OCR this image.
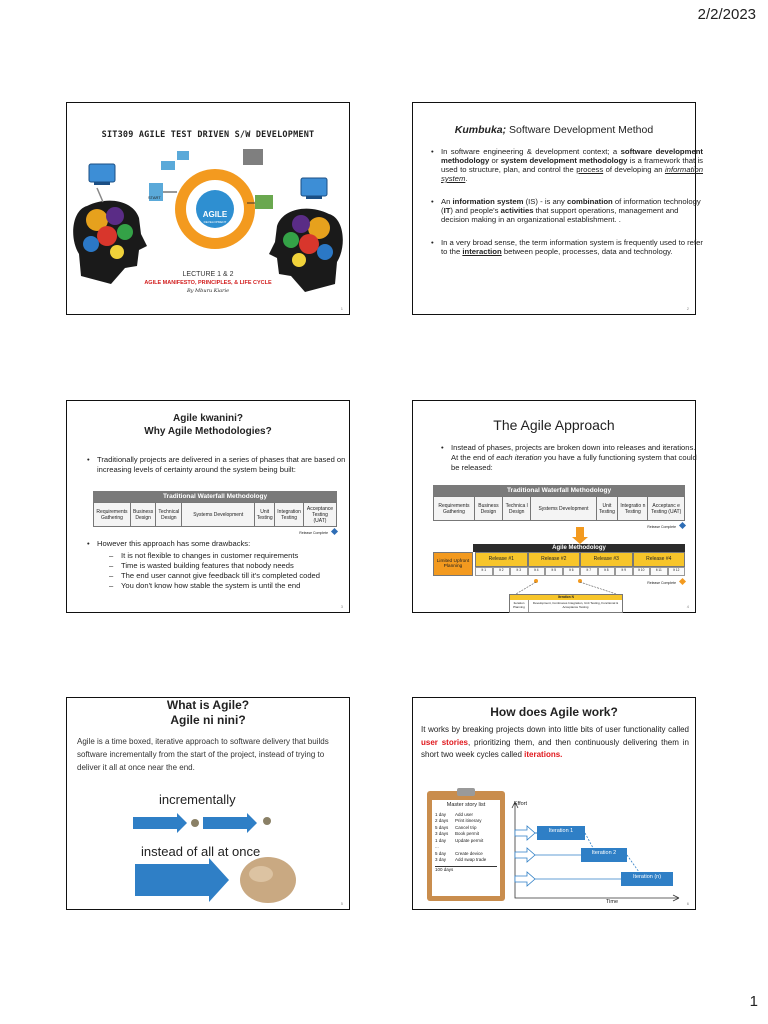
2/2/2023
SIT309 AGILE TEST DRIVEN S/W DEVELOPMENT
START
AGILE
DEVELOPMENT
LECTURE 1 & 2
AGILE MANIFESTO, PRINCIPLES, & LIFE CYCLE
By Mburu Kiarie
1
Kumbuka; Software Development Method
• In software engineering & development context; a software development methodology or system development methodology is a framework that is used to structure, plan, and control the process of developing an information system.
• An information system (IS) - is any combination of information technology (IT) and people's activities that support operations, management and decision making in an organizational establishment. .
• In a very broad sense, the term information system is frequently used to refer to the interaction between people, processes, data and technology.
2
Agile kwanini?
Why Agile Methodologies?
• Traditionally projects are delivered in a series of phases that are based on increasing levels of certainty around the system being built:
Traditional Waterfall Methodology
Requirements Gathering	Business Design	Technical Design	Systems Development	Unit Testing	Integration Testing	Acceptance Testing (UAT)
Release Complete
• However this approach has some drawbacks:
– It is not flexible to changes in customer requirements
– Time is wasted building features that nobody needs
– The end user cannot give feedback till it's completed coded
– You don't know how stable the system is until the end
3
The Agile Approach
• Instead of phases, projects are broken down into releases and iterations. At the end of each iteration you have a fully functioning system that could be released:
Traditional Waterfall Methodology
Requirements Gathering	Business Design	Technica l Design	Systems Development	Unit Testing	Integratio n Testing	Acceptanc e Testing (UAT)
Release Complete
Agile Methodology
Limited Upfront Planning
Release #1	Release #2	Release #3	Release #4
It 1	It 2	It 3	It 4	It 5	It 6	It 7	It 8	It 9	It 10	It 11	It 12
Release Complete
Iteration N
Iteration Planning
Development, Continuous Integration, Unit Testing, Functional & Acceptance Testing	4
What is Agile?
Agile ni nini?
Agile is a time boxed, iterative approach to software delivery that builds software incrementally from the start of the project, instead of trying to deliver it all at once near the end.
incrementally
instead of all at once
5
How does Agile work?
It works by breaking projects down into little bits of user functionality called user stories, prioritizing them, and then continuously delivering them in short two week cycles called iterations.
Master story list
1 day	Add user
2 days	Print itinerary
5 days	Cancel trip
3 days	Book permit
1 day	Update permit
...
5 day	Create device
3 day	Add swap trade
100 days
Effort
Time
Iteration 1
Iteration 2
Iteration (n)
6
1
